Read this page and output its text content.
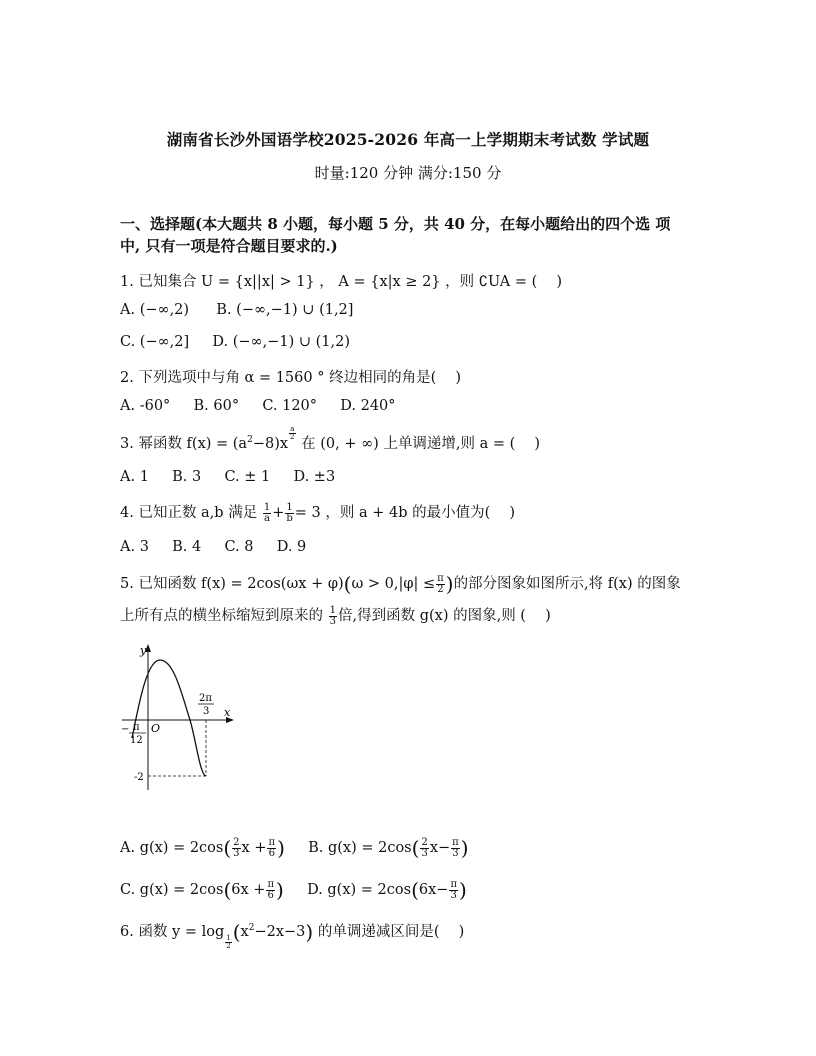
湖南省长沙外国语学校2025-2026 年高一上学期期末考试数 学试题
时量:120 分钟 满分:150 分
一、选择题(本大题共 8 小题，每小题 5 分，共 40 分，在每小题给出的四个选 项
中, 只有一项是符合题目要求的.)
1. 已知集合 U = {x||x| > 1} ， A = {x|x ≥ 2} ，则 ∁UA = (　 )
A. (−∞,2) B. (−∞,−1) ∪ (1,2]
C. (−∞,2] D. (−∞,−1) ∪ (1,2)
2. 下列选项中与角 α = 1560 ° 终边相同的角是(　 )
A. -60° B. 60° C. 120° D. 240°
3. 幂函数 $f(x) = (a^2-8)x$
$\frac{a}{2}$
在 (0, + ∞) 上单调递增,则 a = (　 )
A. 1 B. 3 C. ± 1 D. ±3
4. 已知正数 a,b 满足 $\frac{1}{a} + \frac{1}{b} = 3$ ，则 a + 4b 的最小值为(　 )
A. 3 B. 4 C. 8 D. 9
5. 已知函数 $f(x) = 2\cos(\omega x + \varphi)(\omega > 0,|\varphi| \le \frac{\pi}{2}$ )的部分图象如图所示,将 f(x) 的图象
上所有点的横坐标缩短到原来的 $\frac{1}{3}$ 倍,得到函数 g(x) 的图象,则 (　 )
y
x
O
− π
12
2π
3
-2
A. $g(x) = 2\cos( \frac{2}{3}$ $x + \frac{\pi}{6}$ ) B. $g(x) = 2\cos( \frac{2}{3} x- \frac{\pi}{3}$ )
C. $g(x) = 2\cos(6x + \frac{\pi}{6}$ ) D. $g(x) = 2\cos(6x- \frac{\pi}{3}$ )
6. 函数 y = log
$\frac{1}{2} (x^2-2x-3)$ 的单调递减区间是(　 )
